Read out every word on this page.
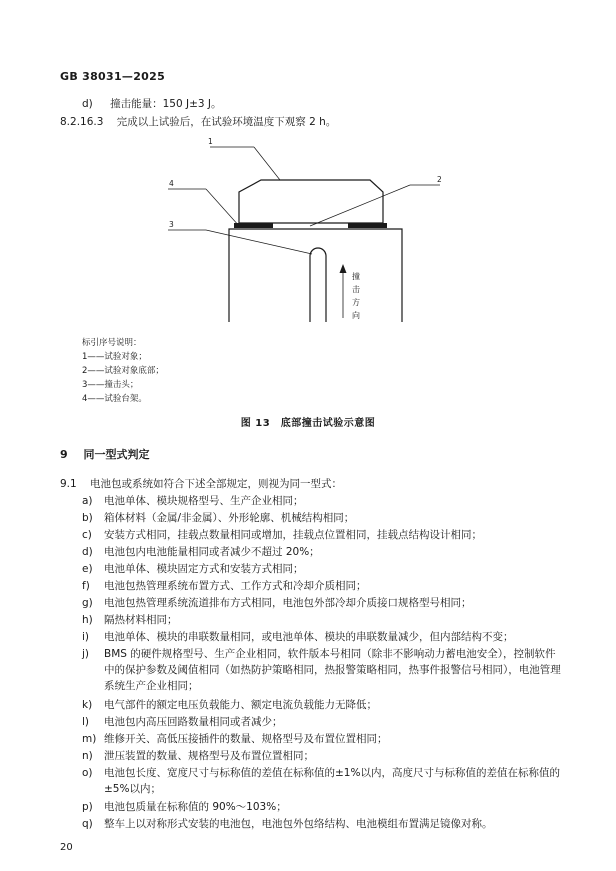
GB 38031—2025
d) 撞击能量：150 J±3 J。
8.2.16.3 完成以上试验后，在试验环境温度下观察 2 h。
1
2
3
4
撞
击
方
向
标引序号说明：
1——试验对象；
2——试验对象底部；
3——撞击头；
4——试验台架。
图 13　底部撞击试验示意图
9 同一型式判定
9.1 电池包或系统如符合下述全部规定，则视为同一型式：
a)	电池单体、模块规格型号、生产企业相同；
b)	箱体材料（金属/非金属）、外形轮廓、机械结构相同；
c)	安装方式相同，挂载点数量相同或增加，挂载点位置相同，挂载点结构设计相同；
d)	电池包内电池能量相同或者减少不超过 20%；
e)	电池单体、模块固定方式和安装方式相同；
f)	电池包热管理系统布置方式、工作方式和冷却介质相同；
g)	电池包热管理系统流道排布方式相同，电池包外部冷却介质接口规格型号相同；
h)	隔热材料相同；
i)	电池单体、模块的串联数量相同，或电池单体、模块的串联数量减少，但内部结构不变；
j)	BMS 的硬件规格型号、生产企业相同，软件版本号相同（除非不影响动力蓄电池安全），控制软件中的保护参数及阈值相同（如热防护策略相同，热报警策略相同，热事件报警信号相同），电池管理系统生产企业相同；
k)	电气部件的额定电压负载能力、额定电流负载能力无降低；
l)	电池包内高压回路数量相同或者减少；
m) 维修开关、高低压接插件的数量、规格型号及布置位置相同；
n)	泄压装置的数量、规格型号及布置位置相同；
o)	电池包长度、宽度尺寸与标称值的差值在标称值的±1%以内，高度尺寸与标称值的差值在标称值的±5%以内；
p)	电池包质量在标称值的 90%～103%；
q)	整车上以对称形式安装的电池包，电池包外包络结构、电池模组布置满足镜像对称。
20
